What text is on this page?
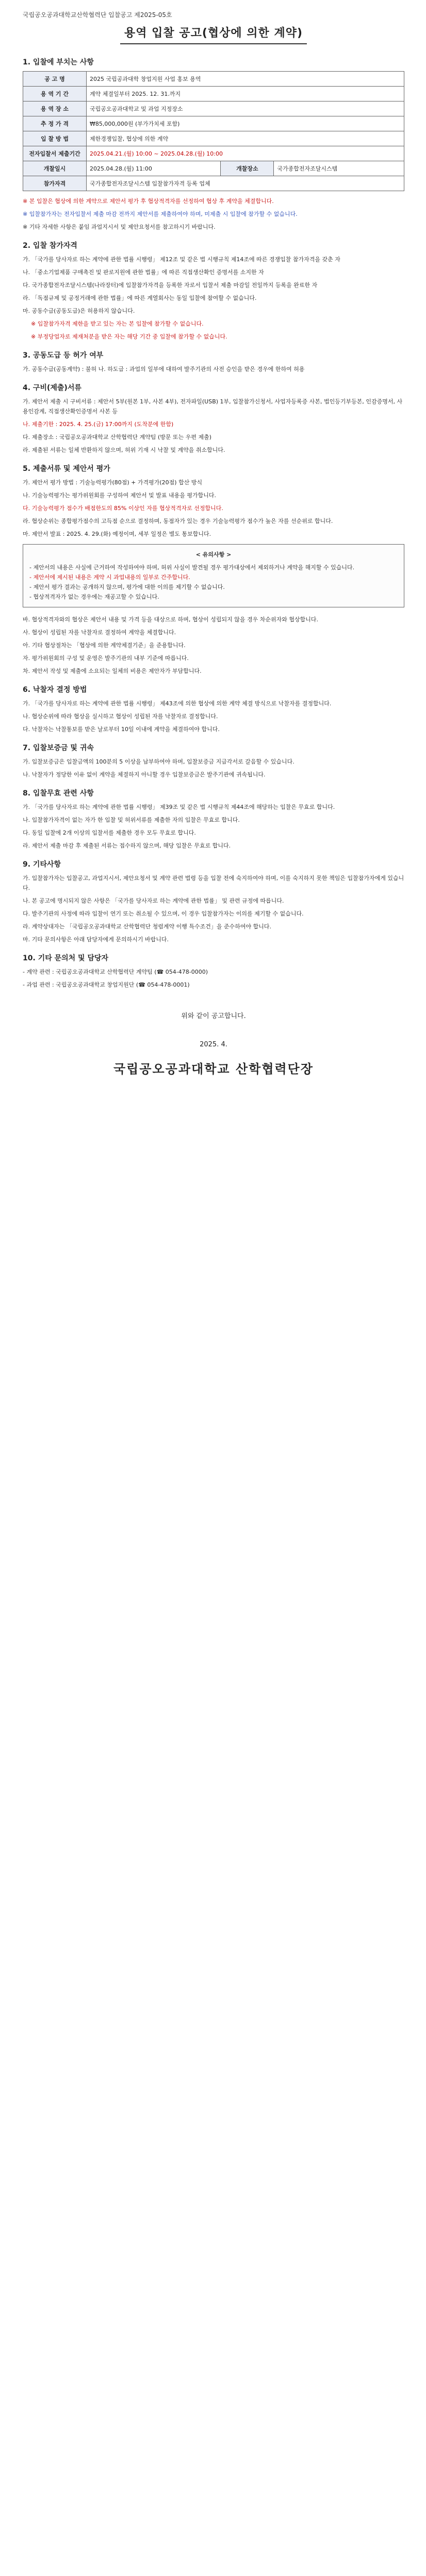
국립공오공과대학교산학협력단 입찰공고 제2025-05호
용역 입찰 공고(협상에 의한 계약)
1. 입찰에 부치는 사항
공 고 명	2025 국립공과대학 창업지원 사업 홍보 용역		
용 역 기 간	계약 체결일부터 2025. 12. 31.까지		
용 역 장 소	국립공오공과대학교 및 과업 지정장소		
추 정 가 격	₩85,000,000원 (부가가치세 포함)		
입 찰 방 법	제한경쟁입찰, 협상에 의한 계약		
전자입찰서 제출기간	2025.04.21.(월) 10:00 ~ 2025.04.28.(월) 10:00		
개찰일시	2025.04.28.(월) 11:00	개찰장소	국가종합전자조달시스템
참가자격	국가종합전자조달시스템 입찰참가자격 등록 업체		

※ 본 입찰은 협상에 의한 계약으로 제안서 평가 후 협상적격자를 선정하여 협상 후 계약을 체결합니다.

※ 입찰참가자는 전자입찰서 제출 마감 전까지 제안서를 제출하여야 하며, 미제출 시 입찰에 참가할 수 없습니다.

※ 기타 자세한 사항은 붙임 과업지시서 및 제안요청서를 참고하시기 바랍니다.

2. 입찰 참가자격

가. 「국가를 당사자로 하는 계약에 관한 법률 시행령」 제12조 및 같은 법 시행규칙 제14조에 따른 경쟁입찰 참가자격을 갖춘 자

나. 「중소기업제품 구매촉진 및 판로지원에 관한 법률」에 따른 직접생산확인 증명서를 소지한 자

다. 국가종합전자조달시스템(나라장터)에 입찰참가자격을 등록한 자로서 입찰서 제출 마감일 전일까지 등록을 완료한 자

라. 「독점규제 및 공정거래에 관한 법률」에 따른 계열회사는 동일 입찰에 참여할 수 없습니다.

마. 공동수급(공동도급)은 허용하지 않습니다.

※ 입찰참가자격 제한을 받고 있는 자는 본 입찰에 참가할 수 없습니다.

※ 부정당업자로 제재처분을 받은 자는 해당 기간 중 입찰에 참가할 수 없습니다.

3. 공동도급 등 허가 여부

가. 공동수급(공동계약) : 불허 나. 하도급 : 과업의 일부에 대하여 발주기관의 사전 승인을 받은 경우에 한하여 허용

4. 구비(제출)서류

가. 제안서 제출 시 구비서류 : 제안서 5부(원본 1부, 사본 4부), 전자파일(USB) 1부, 입찰참가신청서, 사업자등록증 사본, 법인등기부등본, 인감증명서, 사용인감계, 직접생산확인증명서 사본 등

나. 제출기한 : 2025. 4. 25.(금) 17:00까지 (도착분에 한함)

다. 제출장소 : 국립공오공과대학교 산학협력단 계약팀 (방문 또는 우편 제출)

라. 제출된 서류는 일체 반환하지 않으며, 허위 기재 시 낙찰 및 계약을 취소합니다.

5. 제출서류 및 제안서 평가

가. 제안서 평가 방법 : 기술능력평가(80점) + 가격평가(20점) 합산 방식

나. 기술능력평가는 평가위원회를 구성하여 제안서 및 발표 내용을 평가합니다.

다. 기술능력평가 점수가 배점한도의 85% 이상인 자를 협상적격자로 선정합니다.

라. 협상순위는 종합평가점수의 고득점 순으로 결정하며, 동점자가 있는 경우 기술능력평가 점수가 높은 자를 선순위로 합니다.

마. 제안서 발표 : 2025. 4. 29.(화) 예정이며, 세부 일정은 별도 통보합니다.

< 유의사항 >
- 제안서의 내용은 사실에 근거하여 작성하여야 하며, 허위 사실이 발견될 경우 평가대상에서 제외하거나 계약을 해지할 수 있습니다.
- 제안서에 제시된 내용은 계약 시 과업내용의 일부로 간주합니다.
- 제안서 평가 결과는 공개하지 않으며, 평가에 대한 이의를 제기할 수 없습니다.
- 협상적격자가 없는 경우에는 재공고할 수 있습니다.

바. 협상적격자와의 협상은 제안서 내용 및 가격 등을 대상으로 하며, 협상이 성립되지 않을 경우 차순위자와 협상합니다.

사. 협상이 성립된 자를 낙찰자로 결정하여 계약을 체결합니다.

아. 기타 협상절차는 「협상에 의한 계약체결기준」을 준용합니다.

자. 평가위원회의 구성 및 운영은 발주기관의 내부 기준에 따릅니다.

차. 제안서 작성 및 제출에 소요되는 일체의 비용은 제안자가 부담합니다.

6. 낙찰자 결정 방법

가. 「국가를 당사자로 하는 계약에 관한 법률 시행령」 제43조에 의한 협상에 의한 계약 체결 방식으로 낙찰자를 결정합니다.

나. 협상순위에 따라 협상을 실시하고 협상이 성립된 자를 낙찰자로 결정합니다.

다. 낙찰자는 낙찰통보를 받은 날로부터 10일 이내에 계약을 체결하여야 합니다.

7. 입찰보증금 및 귀속

가. 입찰보증금은 입찰금액의 100분의 5 이상을 납부하여야 하며, 입찰보증금 지급각서로 갈음할 수 있습니다.

나. 낙찰자가 정당한 이유 없이 계약을 체결하지 아니할 경우 입찰보증금은 발주기관에 귀속됩니다.

8. 입찰무효 관련 사항

가. 「국가를 당사자로 하는 계약에 관한 법률 시행령」 제39조 및 같은 법 시행규칙 제44조에 해당하는 입찰은 무효로 합니다.

나. 입찰참가자격이 없는 자가 한 입찰 및 허위서류를 제출한 자의 입찰은 무효로 합니다.

다. 동일 입찰에 2개 이상의 입찰서를 제출한 경우 모두 무효로 합니다.

라. 제안서 제출 마감 후 제출된 서류는 접수하지 않으며, 해당 입찰은 무효로 합니다.

9. 기타사항

가. 입찰참가자는 입찰공고, 과업지시서, 제안요청서 및 계약 관련 법령 등을 입찰 전에 숙지하여야 하며, 이를 숙지하지 못한 책임은 입찰참가자에게 있습니다.

나. 본 공고에 명시되지 않은 사항은 「국가를 당사자로 하는 계약에 관한 법률」 및 관련 규정에 따릅니다.

다. 발주기관의 사정에 따라 입찰이 연기 또는 취소될 수 있으며, 이 경우 입찰참가자는 이의를 제기할 수 없습니다.

라. 계약상대자는 「국립공오공과대학교 산학협력단 청렴계약 이행 특수조건」을 준수하여야 합니다.

마. 기타 문의사항은 아래 담당자에게 문의하시기 바랍니다.

10. 기타 문의처 및 담당자

- 계약 관련 : 국립공오공과대학교 산학협력단 계약팀 (☎ 054-478-0000)

- 과업 관련 : 국립공오공과대학교 창업지원단 (☎ 054-478-0001)

위와 같이 공고합니다.
2025. 4.
국립공오공과대학교 산학협력단장
